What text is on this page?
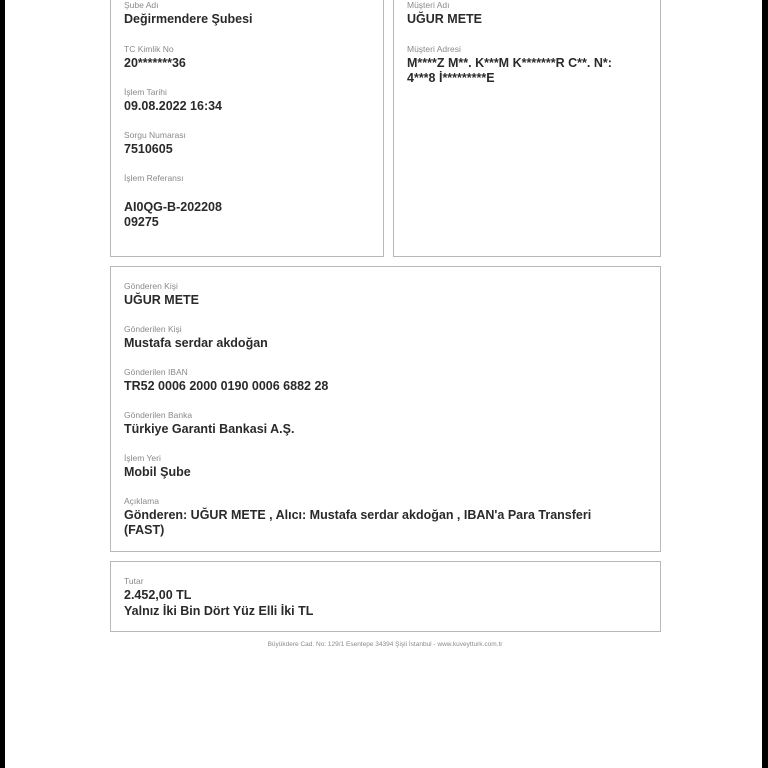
Şube Adı
Değirmendere Şubesi
TC Kimlik No
20*******36
İşlem Tarihi
09.08.2022 16:34
Sorgu Numarası
7510605
İşlem Referansı
AI0QG-B-202208
09275
Müşteri Adı
UĞUR METE
Müşteri Adresi
M****Z M**. K***M K*******R C**. N*:
4***8 İ*********E
Gönderen Kişi
UĞUR METE
Gönderilen Kişi
Mustafa serdar akdoğan
Gönderilen IBAN
TR52 0006 2000 0190 0006 6882 28
Gönderilen Banka
Türkiye Garanti Bankasi A.Ş.
İşlem Yeri
Mobil Şube
Açıklama
Gönderen: UĞUR METE , Alıcı: Mustafa serdar akdoğan , IBAN'a Para Transferi
(FAST)
Tutar
2.452,00 TL
Yalnız İki Bin Dört Yüz Elli İki TL
Büyükdere Cad. No: 129/1 Esentepe 34394 Şişli İstanbul - www.kuveytturk.com.tr
